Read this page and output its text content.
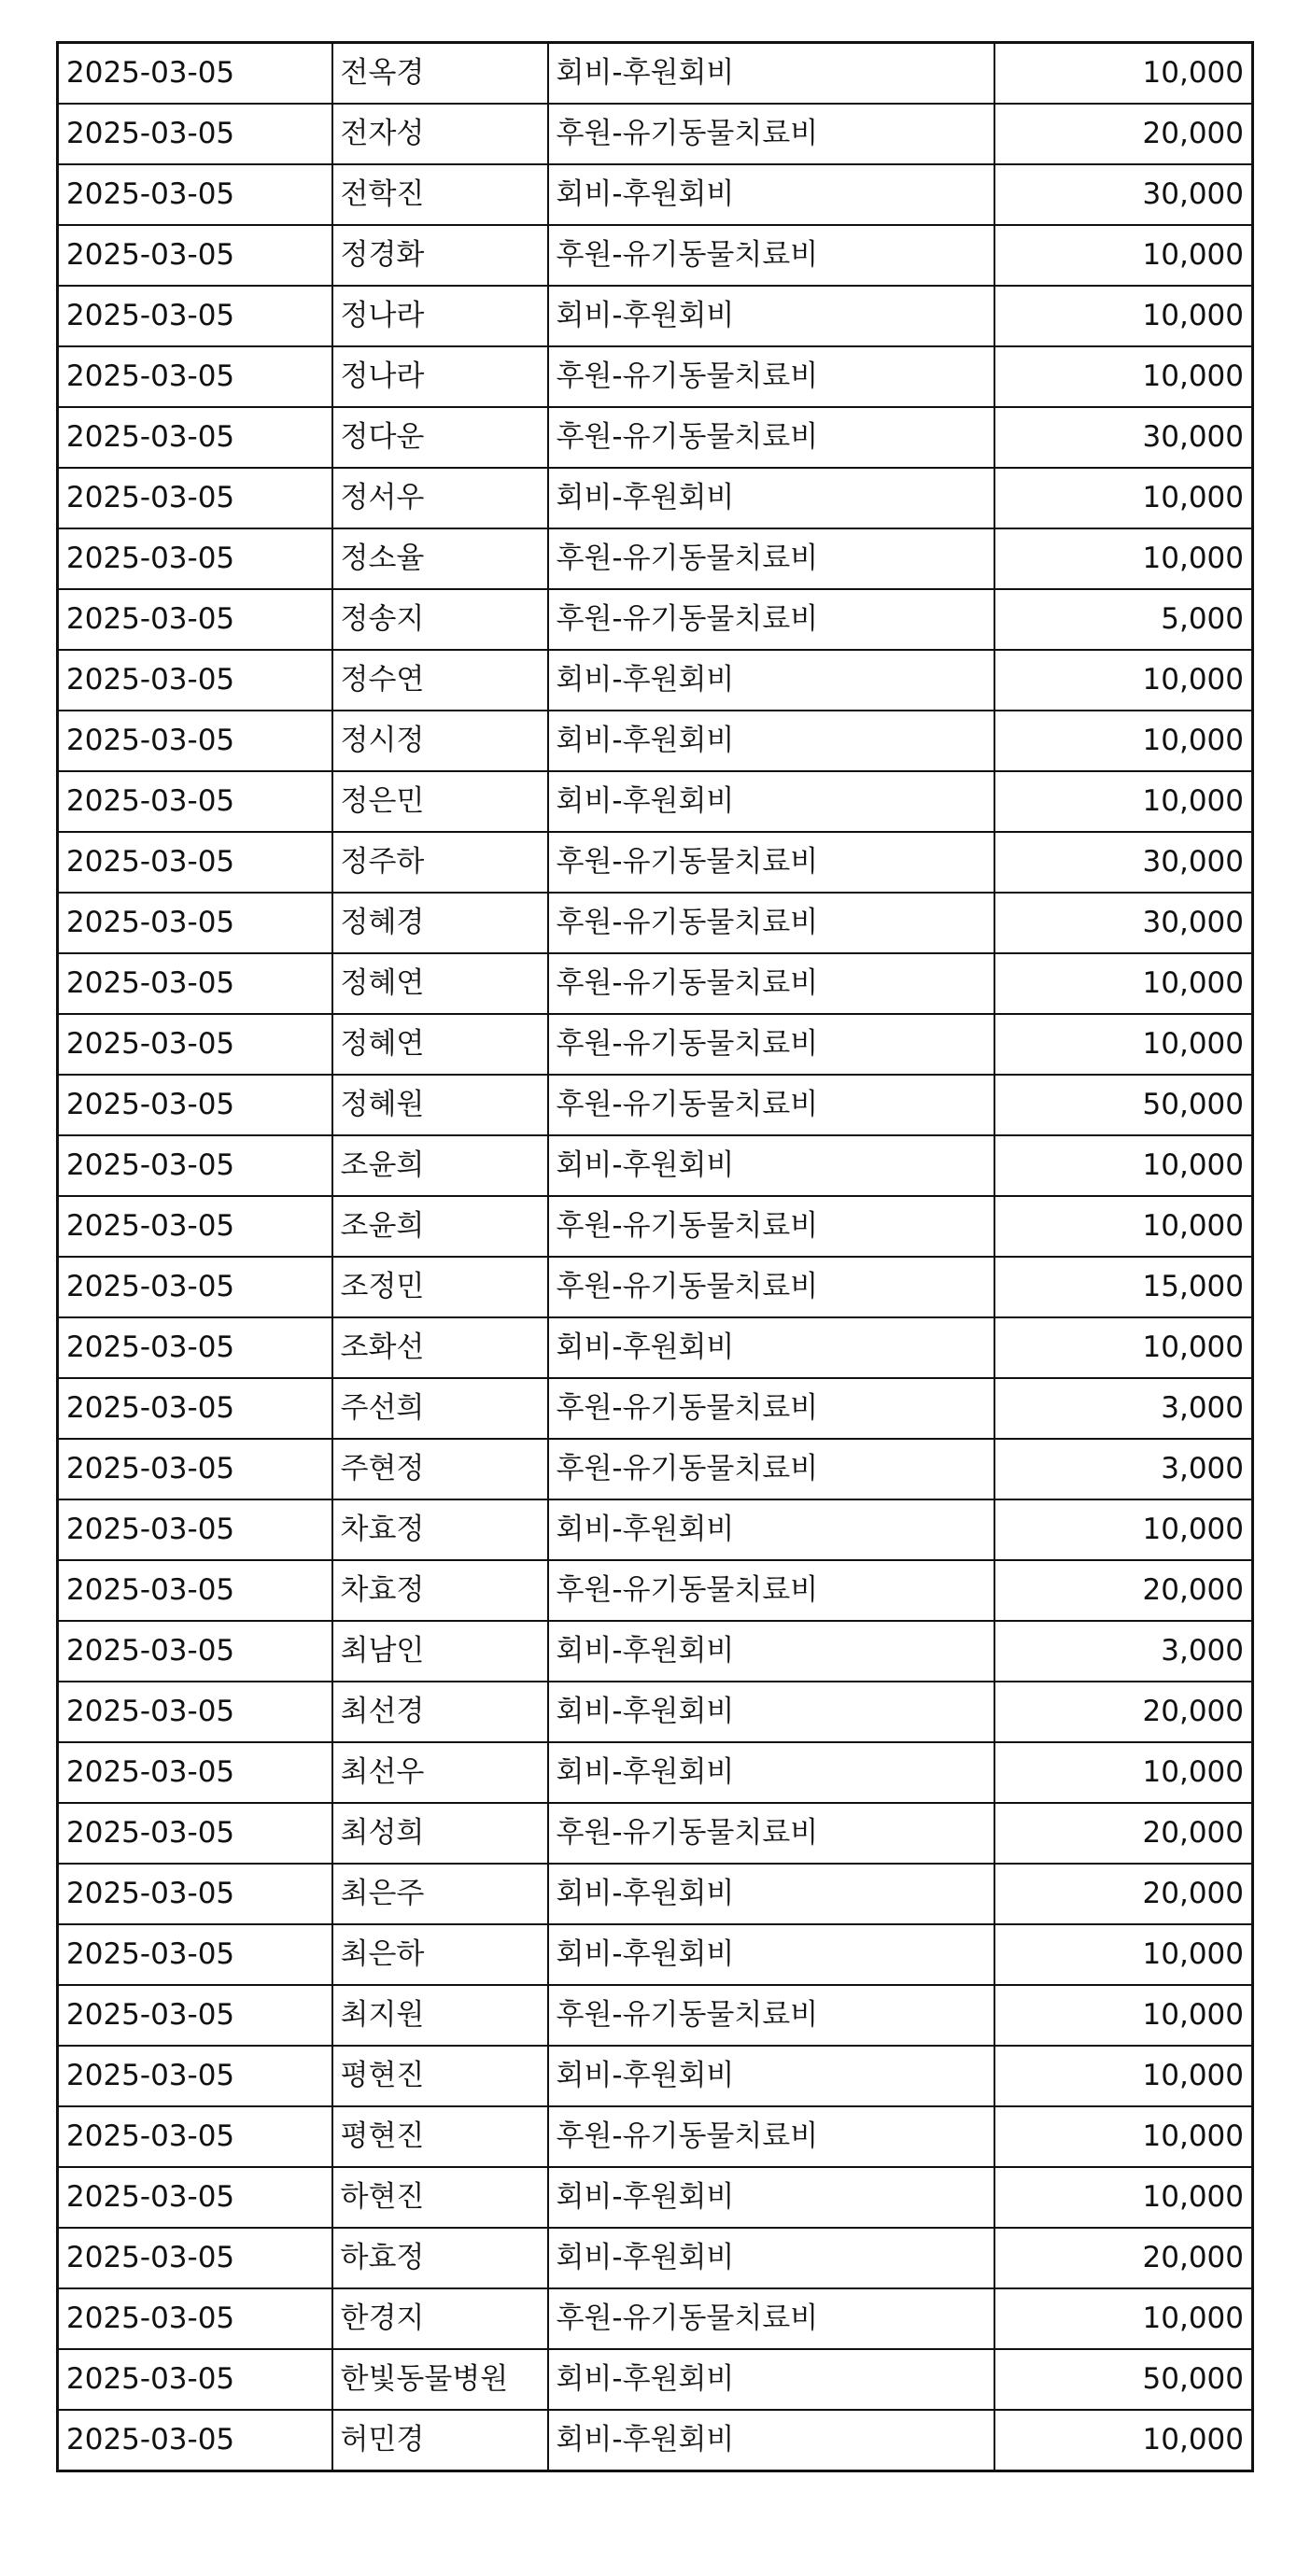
2025-03-05	전옥경	회비-후원회비	10,000
2025-03-05	전자성	후원-유기동물치료비	20,000
2025-03-05	전학진	회비-후원회비	30,000
2025-03-05	정경화	후원-유기동물치료비	10,000
2025-03-05	정나라	회비-후원회비	10,000
2025-03-05	정나라	후원-유기동물치료비	10,000
2025-03-05	정다운	후원-유기동물치료비	30,000
2025-03-05	정서우	회비-후원회비	10,000
2025-03-05	정소율	후원-유기동물치료비	10,000
2025-03-05	정송지	후원-유기동물치료비	5,000
2025-03-05	정수연	회비-후원회비	10,000
2025-03-05	정시정	회비-후원회비	10,000
2025-03-05	정은민	회비-후원회비	10,000
2025-03-05	정주하	후원-유기동물치료비	30,000
2025-03-05	정혜경	후원-유기동물치료비	30,000
2025-03-05	정혜연	후원-유기동물치료비	10,000
2025-03-05	정혜연	후원-유기동물치료비	10,000
2025-03-05	정혜원	후원-유기동물치료비	50,000
2025-03-05	조윤희	회비-후원회비	10,000
2025-03-05	조윤희	후원-유기동물치료비	10,000
2025-03-05	조정민	후원-유기동물치료비	15,000
2025-03-05	조화선	회비-후원회비	10,000
2025-03-05	주선희	후원-유기동물치료비	3,000
2025-03-05	주현정	후원-유기동물치료비	3,000
2025-03-05	차효정	회비-후원회비	10,000
2025-03-05	차효정	후원-유기동물치료비	20,000
2025-03-05	최남인	회비-후원회비	3,000
2025-03-05	최선경	회비-후원회비	20,000
2025-03-05	최선우	회비-후원회비	10,000
2025-03-05	최성희	후원-유기동물치료비	20,000
2025-03-05	최은주	회비-후원회비	20,000
2025-03-05	최은하	회비-후원회비	10,000
2025-03-05	최지원	후원-유기동물치료비	10,000
2025-03-05	평현진	회비-후원회비	10,000
2025-03-05	평현진	후원-유기동물치료비	10,000
2025-03-05	하현진	회비-후원회비	10,000
2025-03-05	하효정	회비-후원회비	20,000
2025-03-05	한경지	후원-유기동물치료비	10,000
2025-03-05	한빛동물병원	회비-후원회비	50,000
2025-03-05	허민경	회비-후원회비	10,000
